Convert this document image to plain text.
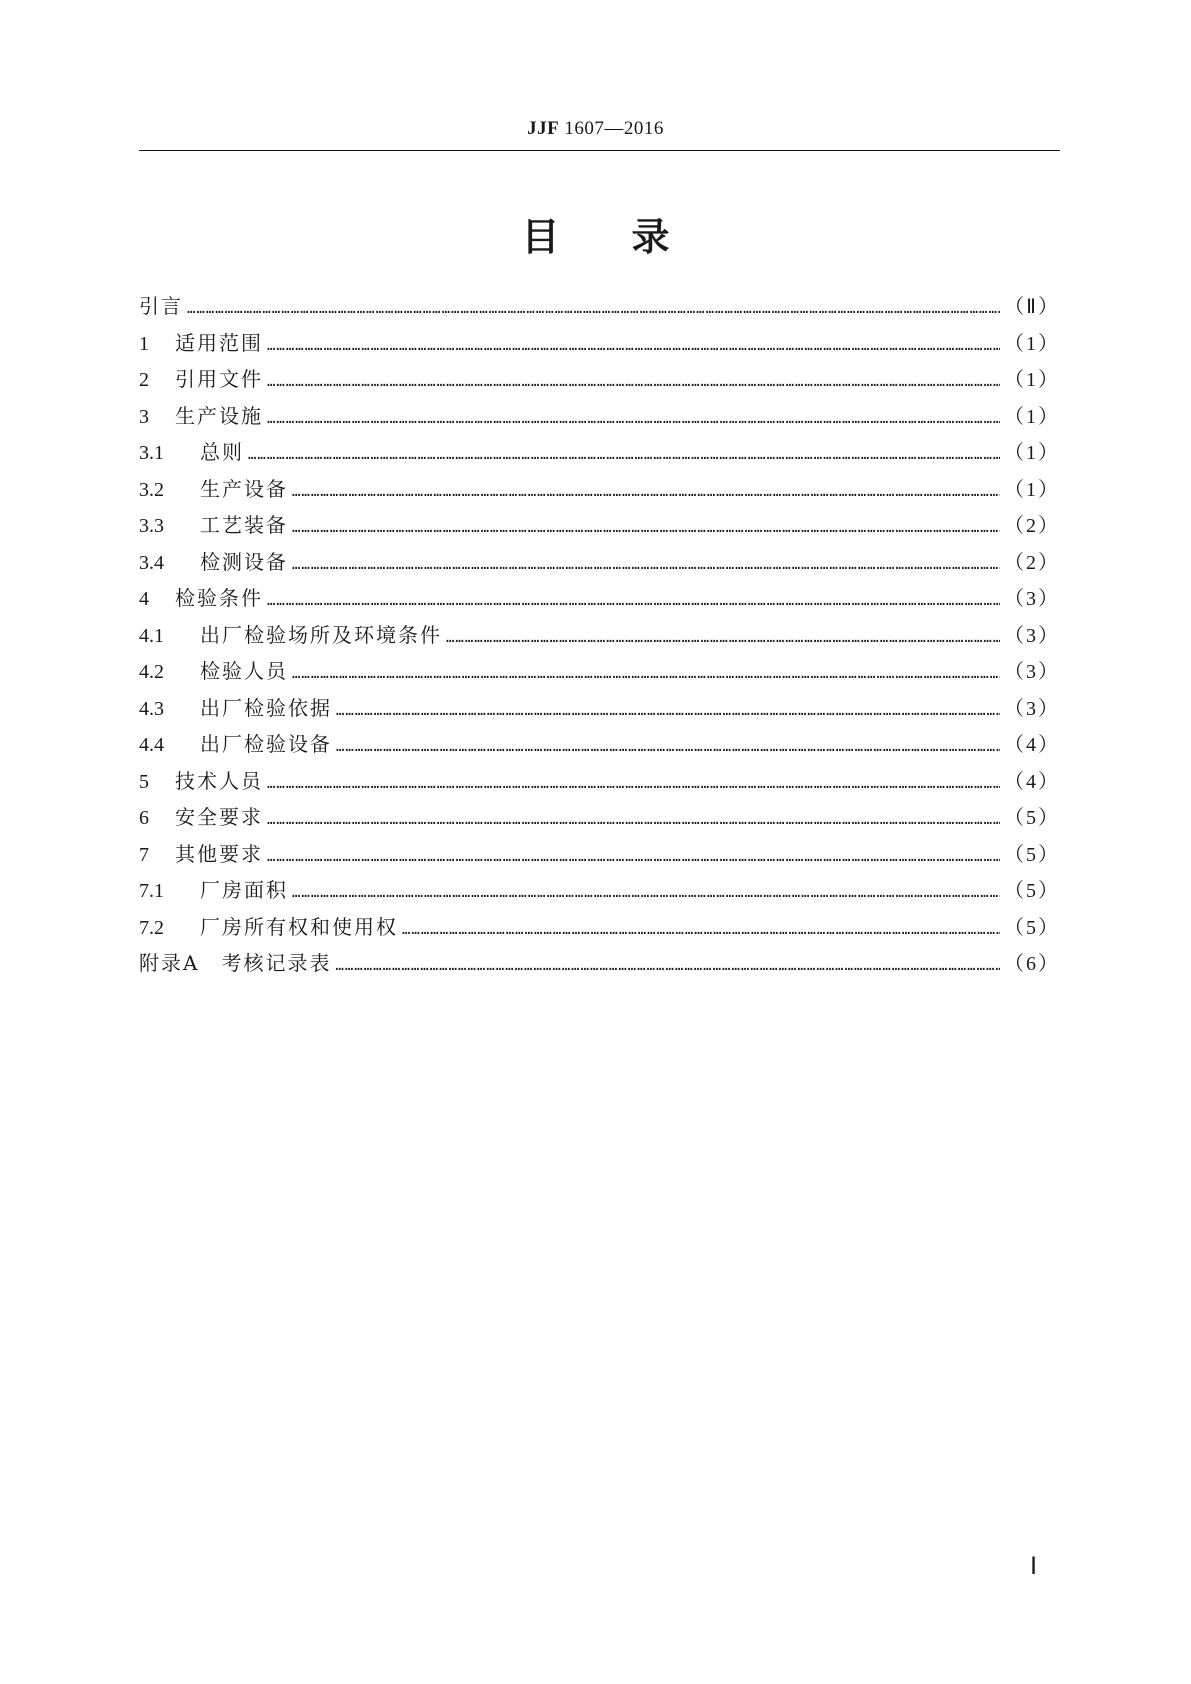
JJF 1607—2016
目录
引言 …………………………………………………………………………………………………………………………………………………………………………………………………………………………………………………	（Ⅱ）
1	适用范围 …………………………………………………………………………………………………………………………………………………………………………………………………………………………………………………	（1）
2	引用文件 …………………………………………………………………………………………………………………………………………………………………………………………………………………………………………………	（1）
3	生产设施 …………………………………………………………………………………………………………………………………………………………………………………………………………………………………………………	（1）
3.1	总则 …………………………………………………………………………………………………………………………………………………………………………………………………………………………………………………	（1）
3.2	生产设备 …………………………………………………………………………………………………………………………………………………………………………………………………………………………………………………	（1）
3.3	工艺装备 …………………………………………………………………………………………………………………………………………………………………………………………………………………………………………………	（2）
3.4	检测设备 …………………………………………………………………………………………………………………………………………………………………………………………………………………………………………………	（2）
4	检验条件 …………………………………………………………………………………………………………………………………………………………………………………………………………………………………………………	（3）
4.1	出厂检验场所及环境条件 …………………………………………………………………………………………………………………………………………………………………………………………………………………………………………………	（3）
4.2	检验人员 …………………………………………………………………………………………………………………………………………………………………………………………………………………………………………………	（3）
4.3	出厂检验依据 …………………………………………………………………………………………………………………………………………………………………………………………………………………………………………………	（3）
4.4	出厂检验设备 …………………………………………………………………………………………………………………………………………………………………………………………………………………………………………………	（4）
5	技术人员 …………………………………………………………………………………………………………………………………………………………………………………………………………………………………………………	（4）
6	安全要求 …………………………………………………………………………………………………………………………………………………………………………………………………………………………………………………	（5）
7	其他要求 …………………………………………………………………………………………………………………………………………………………………………………………………………………………………………………	（5）
7.1	厂房面积 …………………………………………………………………………………………………………………………………………………………………………………………………………………………………………………	（5）
7.2	厂房所有权和使用权 …………………………………………………………………………………………………………………………………………………………………………………………………………………………………………………	（5）
附录A　考核记录表 …………………………………………………………………………………………………………………………………………………………………………………………………………………………………………………	（6）
Ⅰ
